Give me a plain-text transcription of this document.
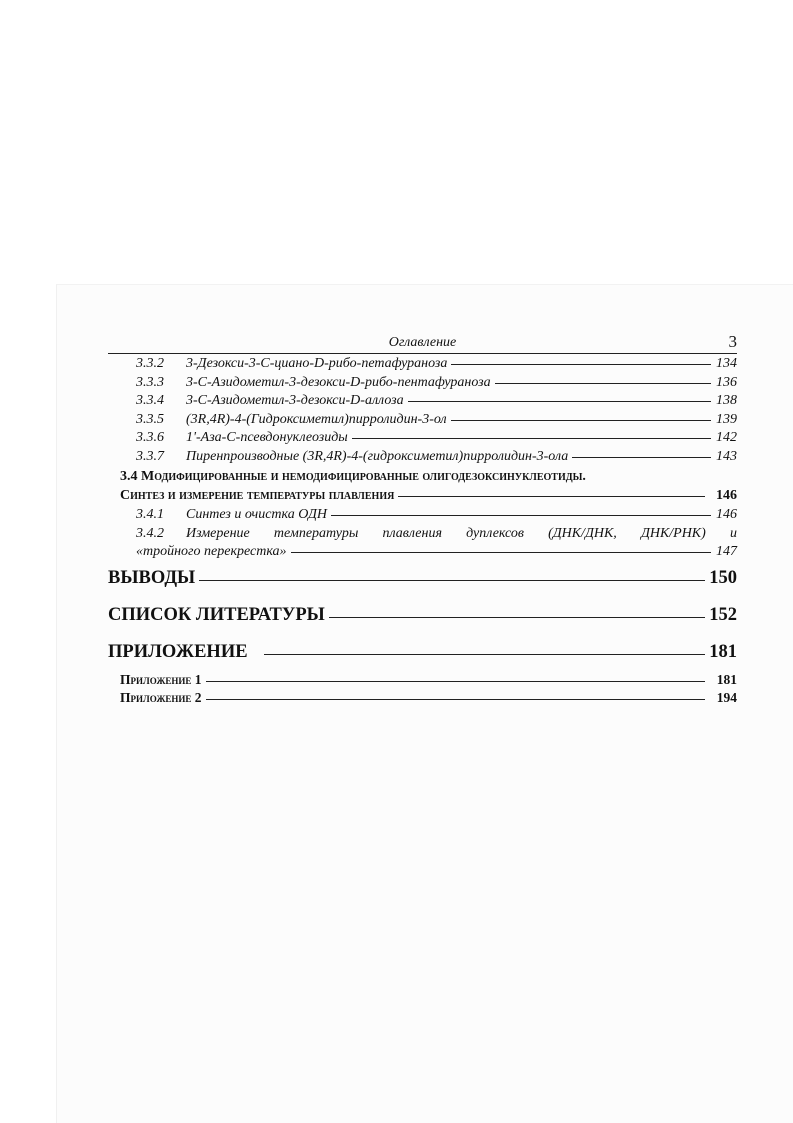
Оглавление	3
3.3.2	3-Дезокси-3-С-циано-D-рибо-петафураноза	134
3.3.3	3-С-Азидометил-3-дезокси-D-рибо-пентафураноза	136
3.3.4	3-С-Азидометил-3-дезокси-D-аллоза	138
3.3.5	(3R,4R)-4-(Гидроксиметил)пирролидин-3-ол	139
3.3.6	1'-Аза-С-псевдонуклеозиды	142
3.3.7	Пиренпроизводные (3R,4R)-4-(гидроксиметил)пирролидин-3-ола	143
3.4 Модифицированные и немодифицированные олигодезоксинуклеотиды.
Синтез и измерение температуры плавления	146
3.4.1	Синтез и очистка ОДН	146
3.4.2	Измерение температуры плавления дуплексов (ДНК/ДНК, ДНК/РНК) и
«тройного перекрестка»	147
ВЫВОДЫ	150
СПИСОК ЛИТЕРАТУРЫ	152
ПРИЛОЖЕНИЕ	181
Приложение 1	181
Приложение 2	194
